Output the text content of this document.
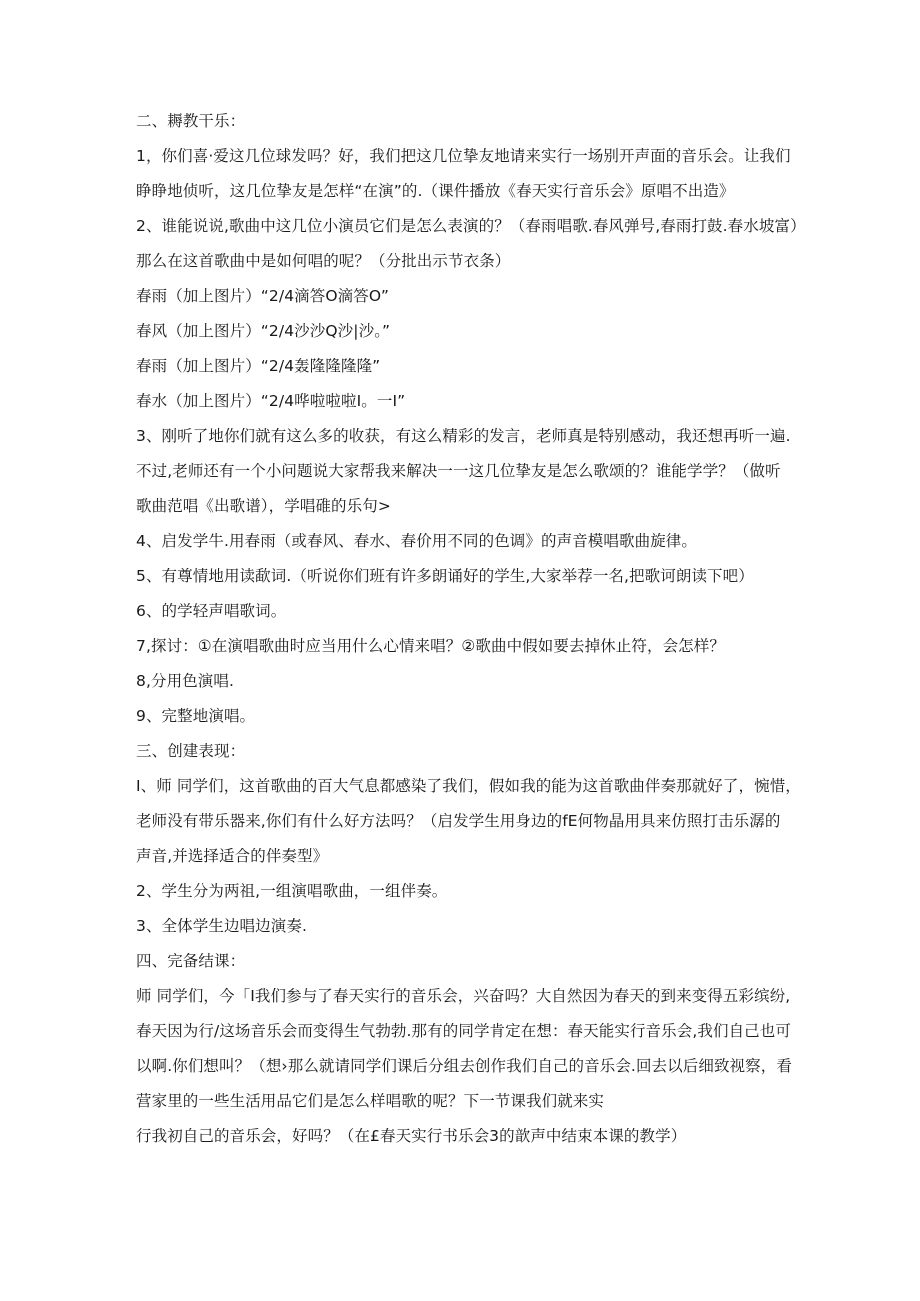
二、耨教干乐：
1，你们喜·爱这几位球发吗？好，我们把这几位挚友地请来实行一场别开声面的音乐会。让我们
睁睁地侦听，这几位挚友是怎样“在演”的.（课件播放《春天实行音乐会》原唱不出造》
2、谁能说说,歌曲中这几位小演员它们是怎么表演的？（春雨唱歌.春风弹号,春雨打鼓.春水坡富）
那么在这首歌曲中是如何唱的呢？（分批出示节衣条）
春雨（加上图片）“2/4滴答O滴答O”
春风（加上图片）“2/4沙沙Q沙|沙。”
春雨（加上图片）“2/4轰隆隆隆隆”
春水（加上图片）“2/4哗啦啦啦I。一I”
3、刚听了地你们就有这么多的收获，有这么精彩的发言，老师真是特别感动，我还想再听一遍.
不过,老师还有一个小问题说大家帮我来解决一一这几位挚友是怎么歌颂的？谁能学学？（做听
歌曲范唱《出歌谱），学唱碓的乐句>
4、启发学牛.用春雨（或春风、春水、春价用不同的色调》的声音模唱歌曲旋律。
5、有尊情地用读歃词.（听说你们班有许多朗诵好的学生,大家举荐一名,把歌诃朗读下吧）
6、的学轻声唱歌词。
7,探讨：①在演唱歌曲时应当用什么心情来唱？②歌曲中假如要去掉休止符，会怎样？
8,分用色演唱.
9、完整地演唱。
三、创建表现：
I、师 同学们，这首歌曲的百大气息都感染了我们，假如我的能为这首歌曲伴奏那就好了，惋惜，
老师没有带乐器来,你们有什么好方法吗？（启发学生用身边的fE何物晶用具来仿照打击乐潺的
声音,并选择适合的伴奏型》
2、学生分为两祖,一组演唱歌曲，一组伴奏。
3、全体学生边唱边演奏.
四、完备结课：
师 同学们，今「I我们参与了春天实行的音乐会，兴奋吗？大自然因为春天的到来变得五彩缤纷,
春天因为行/这场音乐会而变得生气勃勃.那有的同学肯定在想：春天能实行音乐会,我们自己也可
以啊.你们想叫？（想›那么就请同学们课后分组去创作我们自己的音乐会.回去以后细致视察，看
营家里的一些生活用品它们是怎么样唱歌的呢？下一节课我们就来实
行我初自己的音乐会，好吗？（在£春天实行书乐会3的歆声中结束本课的教学）
